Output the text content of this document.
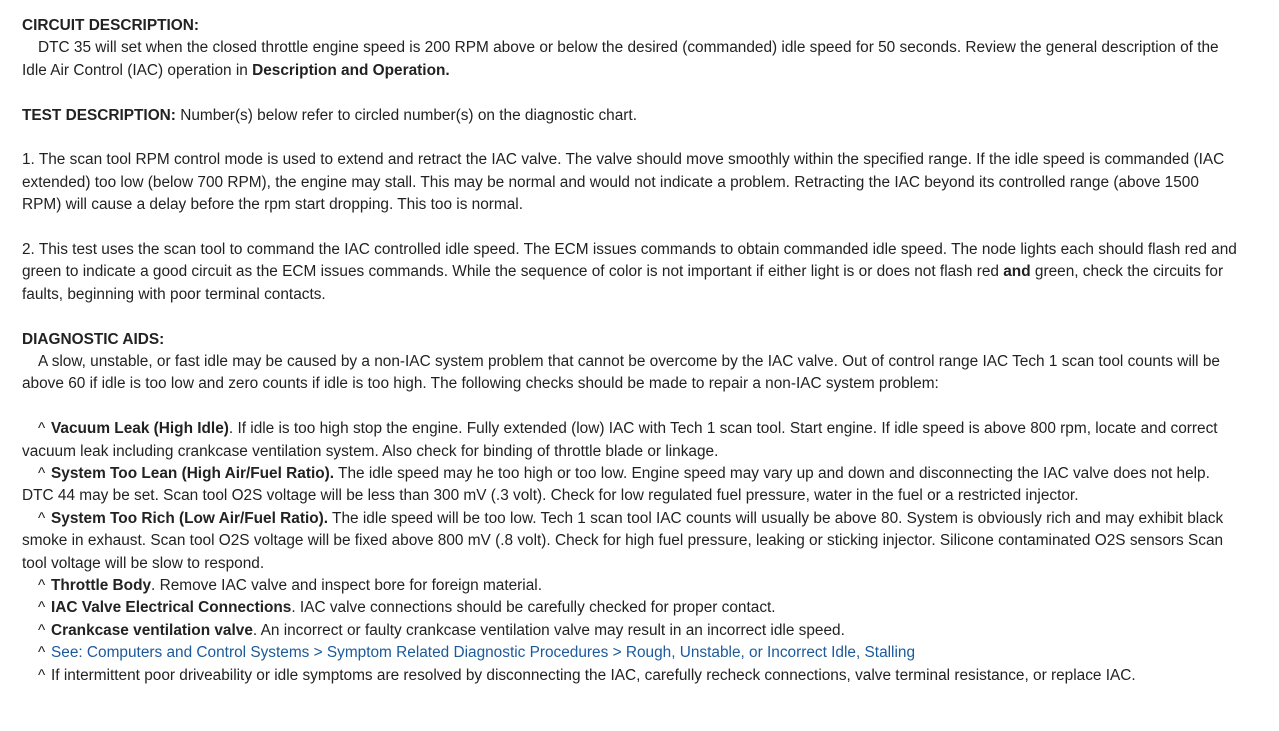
CIRCUIT DESCRIPTION:
DTC 35 will set when the closed throttle engine speed is 200 RPM above or below the desired (commanded) idle speed for 50 seconds. Review the general description of the Idle Air Control (IAC) operation in Description and Operation.

TEST DESCRIPTION: Number(s) below refer to circled number(s) on the diagnostic chart.

1. The scan tool RPM control mode is used to extend and retract the IAC valve. The valve should move smoothly within the specified range. If the idle speed is commanded (IAC extended) too low (below 700 RPM), the engine may stall. This may be normal and would not indicate a problem. Retracting the IAC beyond its controlled range (above 1500 RPM) will cause a delay before the rpm start dropping. This too is normal.

2. This test uses the scan tool to command the IAC controlled idle speed. The ECM issues commands to obtain commanded idle speed. The node lights each should flash red and green to indicate a good circuit as the ECM issues commands. While the sequence of color is not important if either light is or does not flash red and green, check the circuits for faults, beginning with poor terminal contacts.

DIAGNOSTIC AIDS:
A slow, unstable, or fast idle may be caused by a non-IAC system problem that cannot be overcome by the IAC valve. Out of control range IAC Tech 1 scan tool counts will be above 60 if idle is too low and zero counts if idle is too high. The following checks should be made to repair a non-IAC system problem:

^ Vacuum Leak (High Idle). If idle is too high stop the engine. Fully extended (low) IAC with Tech 1 scan tool. Start engine. If idle speed is above 800 rpm, locate and correct vacuum leak including crankcase ventilation system. Also check for binding of throttle blade or linkage.

^ System Too Lean (High Air/Fuel Ratio). The idle speed may he too high or too low. Engine speed may vary up and down and disconnecting the IAC valve does not help. DTC 44 may be set. Scan tool O2S voltage will be less than 300 mV (.3 volt). Check for low regulated fuel pressure, water in the fuel or a restricted injector.

^ System Too Rich (Low Air/Fuel Ratio). The idle speed will be too low. Tech 1 scan tool IAC counts will usually be above 80. System is obviously rich and may exhibit black smoke in exhaust. Scan tool O2S voltage will be fixed above 800 mV (.8 volt). Check for high fuel pressure, leaking or sticking injector. Silicone contaminated O2S sensors Scan tool voltage will be slow to respond.

^ Throttle Body. Remove IAC valve and inspect bore for foreign material.

^ IAC Valve Electrical Connections. IAC valve connections should be carefully checked for proper contact.

^ Crankcase ventilation valve. An incorrect or faulty crankcase ventilation valve may result in an incorrect idle speed.

^ See: Computers and Control Systems > Symptom Related Diagnostic Procedures > Rough, Unstable, or Incorrect Idle, Stalling

^ If intermittent poor driveability or idle symptoms are resolved by disconnecting the IAC, carefully recheck connections, valve terminal resistance, or replace IAC.
